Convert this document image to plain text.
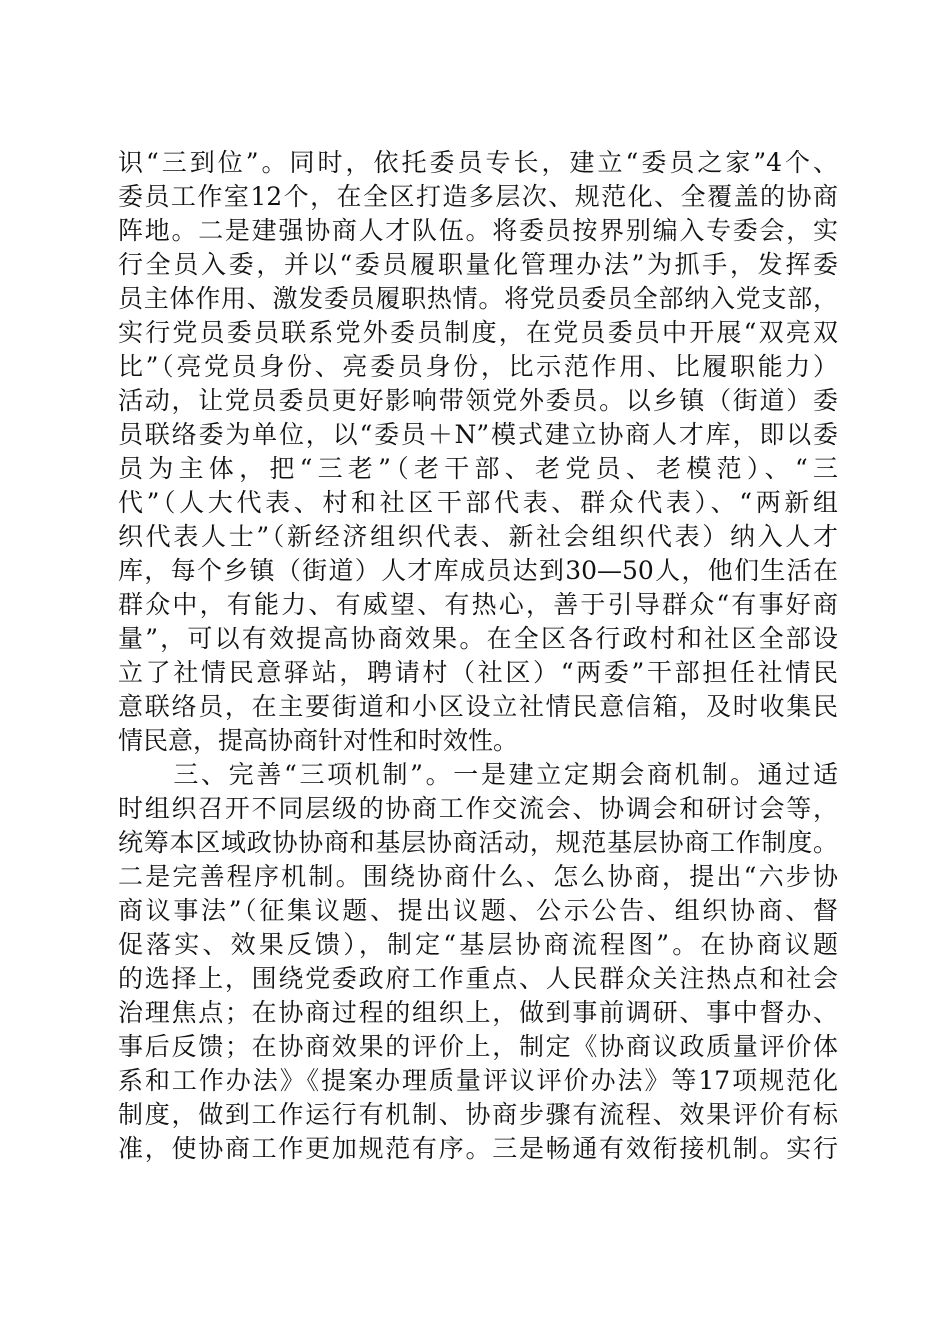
识“三到位”。同时，依托委员专长，建立“委员之家”4个、
委员工作室12个，在全区打造多层次、规范化、全覆盖的协商
阵地。二是建强协商人才队伍。将委员按界别编入专委会，实
行全员入委，并以“委员履职量化管理办法”为抓手，发挥委
员主体作用、激发委员履职热情。将党员委员全部纳入党支部，
实行党员委员联系党外委员制度，在党员委员中开展“双亮双
比”（亮党员身份、亮委员身份，比示范作用、比履职能力）
活动，让党员委员更好影响带领党外委员。以乡镇（街道）委
员联络委为单位，以“委员＋N”模式建立协商人才库，即以委
员为主体，把“三老”（老干部、老党员、老模范）、“三
代”（人大代表、村和社区干部代表、群众代表）、“两新组
织代表人士”（新经济组织代表、新社会组织代表）纳入人才
库，每个乡镇（街道）人才库成员达到30—50人，他们生活在
群众中，有能力、有威望、有热心，善于引导群众“有事好商
量”，可以有效提高协商效果。在全区各行政村和社区全部设
立了社情民意驿站，聘请村（社区）“两委”干部担任社情民
意联络员，在主要街道和小区设立社情民意信箱，及时收集民
情民意，提高协商针对性和时效性。
　　三、完善“三项机制”。一是建立定期会商机制。通过适
时组织召开不同层级的协商工作交流会、协调会和研讨会等，
统筹本区域政协协商和基层协商活动，规范基层协商工作制度。
二是完善程序机制。围绕协商什么、怎么协商，提出“六步协
商议事法”（征集议题、提出议题、公示公告、组织协商、督
促落实、效果反馈），制定“基层协商流程图”。在协商议题
的选择上，围绕党委政府工作重点、人民群众关注热点和社会
治理焦点；在协商过程的组织上，做到事前调研、事中督办、
事后反馈；在协商效果的评价上，制定《协商议政质量评价体
系和工作办法》《提案办理质量评议评价办法》等17项规范化
制度，做到工作运行有机制、协商步骤有流程、效果评价有标
准，使协商工作更加规范有序。三是畅通有效衔接机制。实行
